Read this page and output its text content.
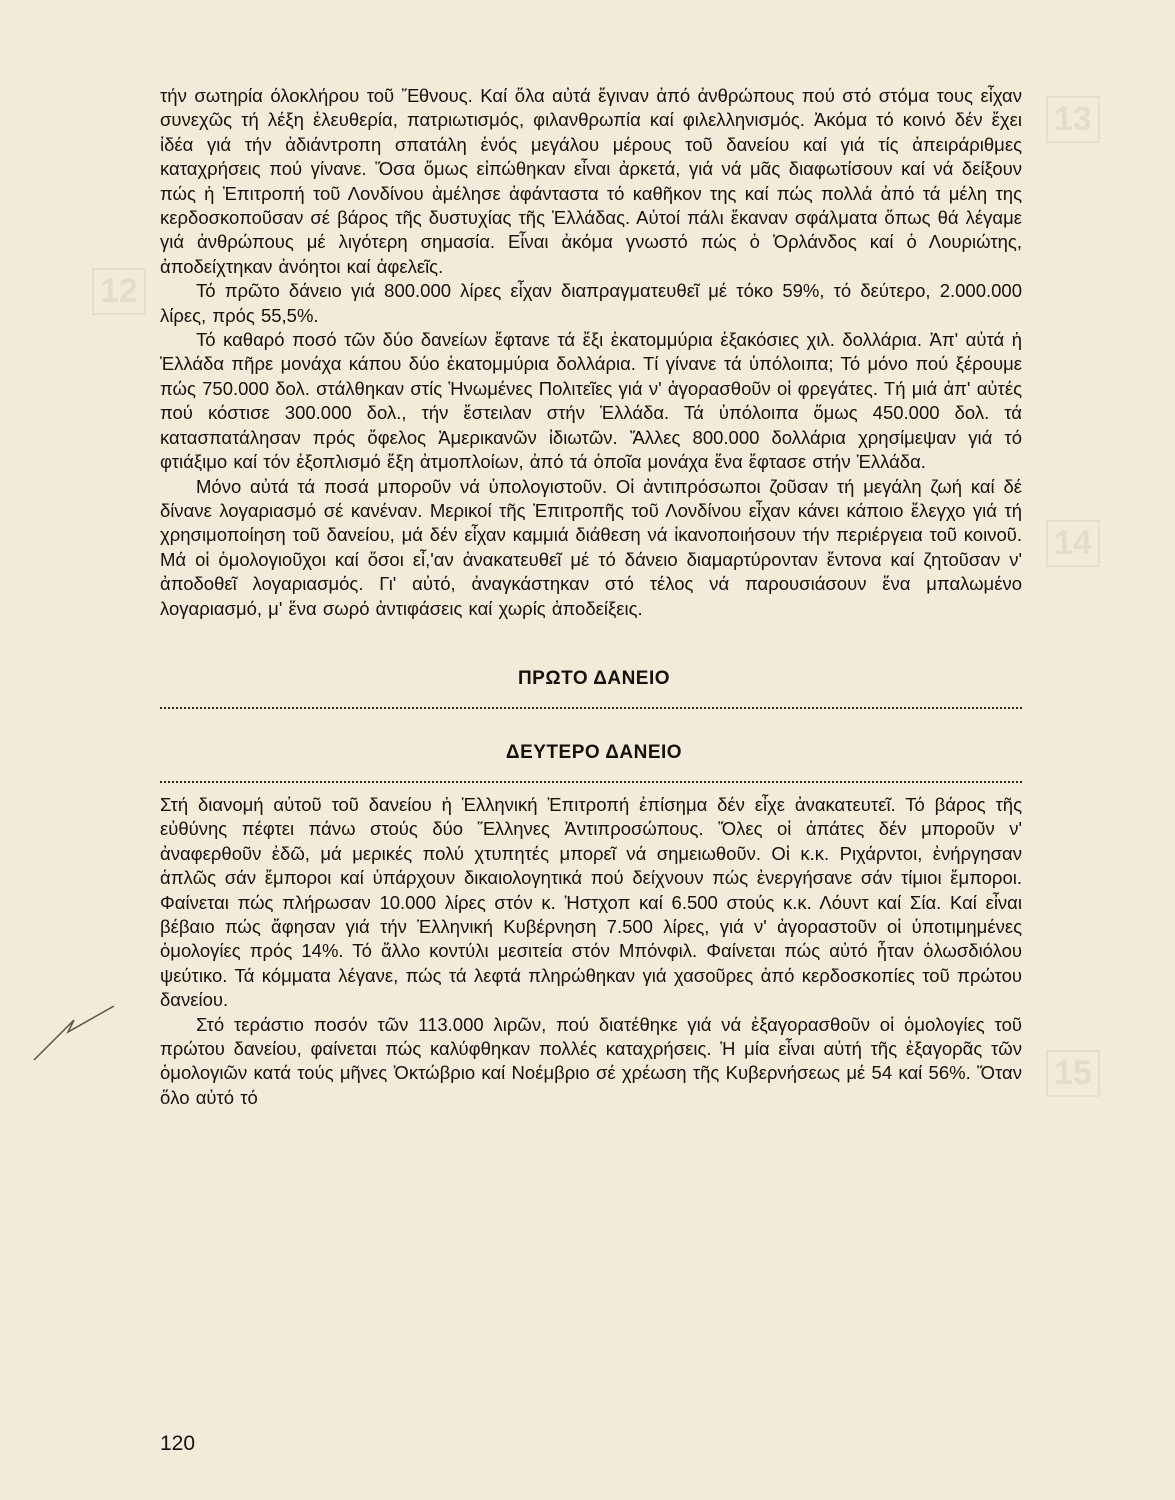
13
14
15
12

τήν σωτηρία όλοκλήρου τοῦ Ἔθνους. Καί ὅλα αὐτά ἔγιναν ἀπό ἀνθρώπους πού στό στόμα τους εἶχαν συνεχῶς τή λέξη ἐλευθερία, πατριωτισμός, φιλανθρωπία καί φιλελληνισμός. Ἀκόμα τό κοινό δέν ἔχει ἰδέα γιά τήν ἀδιάντροπη σπατάλη ἑνός μεγάλου μέρους τοῦ δανείου καί γιά τίς ἀπειράριθμες καταχρήσεις πού γίνανε. Ὅσα ὅμως εἰπώθηκαν εἶναι ἀρκετά, γιά νά μᾶς διαφωτίσουν καί νά δείξουν πώς ἡ Ἐπιτροπή τοῦ Λονδίνου ἀμέλησε ἀφάνταστα τό καθῆκον της καί πώς πολλά ἀπό τά μέλη της κερδοσκοποῦσαν σέ βάρος τῆς δυστυχίας τῆς Ἑλλάδας. Αὐτοί πάλι ἔκαναν σφάλματα ὅπως θά λέγαμε γιά ἀνθρώπους μέ λιγότερη σημασία. Εἶναι ἀκόμα γνωστό πώς ὁ Ὀρλάνδος καί ὁ Λουριώτης, ἀποδείχτηκαν ἀνόητοι καί ἀφελεῖς.

Τό πρῶτο δάνειο γιά 800.000 λίρες εἶχαν διαπραγματευθεῖ μέ τόκο 59%, τό δεύτερο, 2.000.000 λίρες, πρός 55,5%.

Τό καθαρό ποσό τῶν δύο δανείων ἔφτανε τά ἔξι ἑκατομμύρια ἑξακόσιες χιλ. δολλάρια. Ἀπ' αὐτά ἡ Ἑλλάδα πῆρε μονάχα κάπου δύο ἑκατομμύρια δολλάρια. Τί γίνανε τά ὑπόλοιπα; Τό μόνο πού ξέρουμε πώς 750.000 δολ. στάλθηκαν στίς Ἡνωμένες Πολιτεῖες γιά ν' ἀγορασθοῦν οἱ φρεγάτες. Τή μιά ἀπ' αὐτές πού κόστισε 300.000 δολ., τήν ἔστειλαν στήν Ἑλλάδα. Τά ὑπόλοιπα ὅμως 450.000 δολ. τά κατασπατάλησαν πρός ὄφελος Ἀμερικανῶν ἰδιωτῶν. Ἄλλες 800.000 δολλάρια χρησίμεψαν γιά τό φτιάξιμο καί τόν ἐξοπλισμό ἔξη ἀτμοπλοίων, ἀπό τά ὁποῖα μονάχα ἕνα ἔφτασε στήν Ἑλλάδα.

Μόνο αὐτά τά ποσά μποροῦν νά ὑπολογιστοῦν. Οἱ ἀντιπρόσωποι ζοῦσαν τή μεγάλη ζωή καί δέ δίνανε λογαριασμό σέ κανέναν. Μερικοί τῆς Ἐπιτροπῆς τοῦ Λονδίνου εἶχαν κάνει κάποιο ἔλεγχο γιά τή χρησιμοποίηση τοῦ δανείου, μά δέν εἶχαν καμμιά διάθεση νά ἰκανοποιήσουν τήν περιέργεια τοῦ κοινοῦ. Μά οἱ ὁμολογιοῦχοι καί ὅσοι εἶ,'αν ἀνακατευθεῖ μέ τό δάνειο διαμαρτύρονταν ἔντονα καί ζητοῦσαν ν' ἀποδοθεῖ λογαριασμός. Γι' αὐτό, ἀναγκάστηκαν στό τέλος νά παρουσιάσουν ἕνα μπαλωμένο λογαριασμό, μ' ἕνα σωρό ἀντιφάσεις καί χωρίς ἀποδείξεις.

ΠΡΩΤΟ ΔΑΝΕΙΟ
ΔΕΥΤΕΡΟ ΔΑΝΕΙΟ

Στή διανομή αὐτοῦ τοῦ δανείου ἡ Ἑλληνική Ἐπιτροπή ἐπίσημα δέν εἶχε ἀνακατευτεῖ. Τό βάρος τῆς εὐθύνης πέφτει πάνω στούς δύο Ἕλληνες Ἀντιπροσώπους. Ὅλες οἱ ἀπάτες δέν μποροῦν ν' ἀναφερθοῦν ἐδῶ, μά μερικές πολύ χτυπητές μπορεῖ νά σημειωθοῦν. Οἱ κ.κ. Ριχάρντοι, ἐνήργησαν ἁπλῶς σάν ἔμποροι καί ὑπάρχουν δικαιολογητικά πού δείχνουν πώς ἐνεργήσανε σάν τίμιοι ἔμποροι. Φαίνεται πώς πλήρωσαν 10.000 λίρες στόν κ. Ἠστχοπ καί 6.500 στούς κ.κ. Λόυντ καί Σία. Καί εἶναι βέβαιο πώς ἄφησαν γιά τήν Ἑλληνική Κυβέρνηση 7.500 λίρες, γιά ν' ἀγοραστοῦν οἱ ὑποτιμημένες ὁμολογίες πρός 14%. Τό ἄλλο κοντύλι μεσιτεία στόν Μπόνφιλ. Φαίνεται πώς αὐτό ἦταν ὁλωσδιόλου ψεύτικο. Τά κόμματα λέγανε, πώς τά λεφτά πληρώθηκαν γιά χασοῦρες ἀπό κερδοσκοπίες τοῦ πρώτου δανείου.

Στό τεράστιο ποσόν τῶν 113.000 λιρῶν, πού διατέθηκε γιά νά ἐξαγορασθοῦν οἱ ὁμολογίες τοῦ πρώτου δανείου, φαίνεται πώς καλύφθηκαν πολλές καταχρήσεις. Ἡ μία εἶναι αὐτή τῆς ἐξαγορᾶς τῶν ὁμολογιῶν κατά τούς μῆνες Ὀκτώβριο καί Νοέμβριο σέ χρέωση τῆς Κυβερνήσεως μέ 54 καί 56%. Ὅταν ὅλο αὐτό τό

120
